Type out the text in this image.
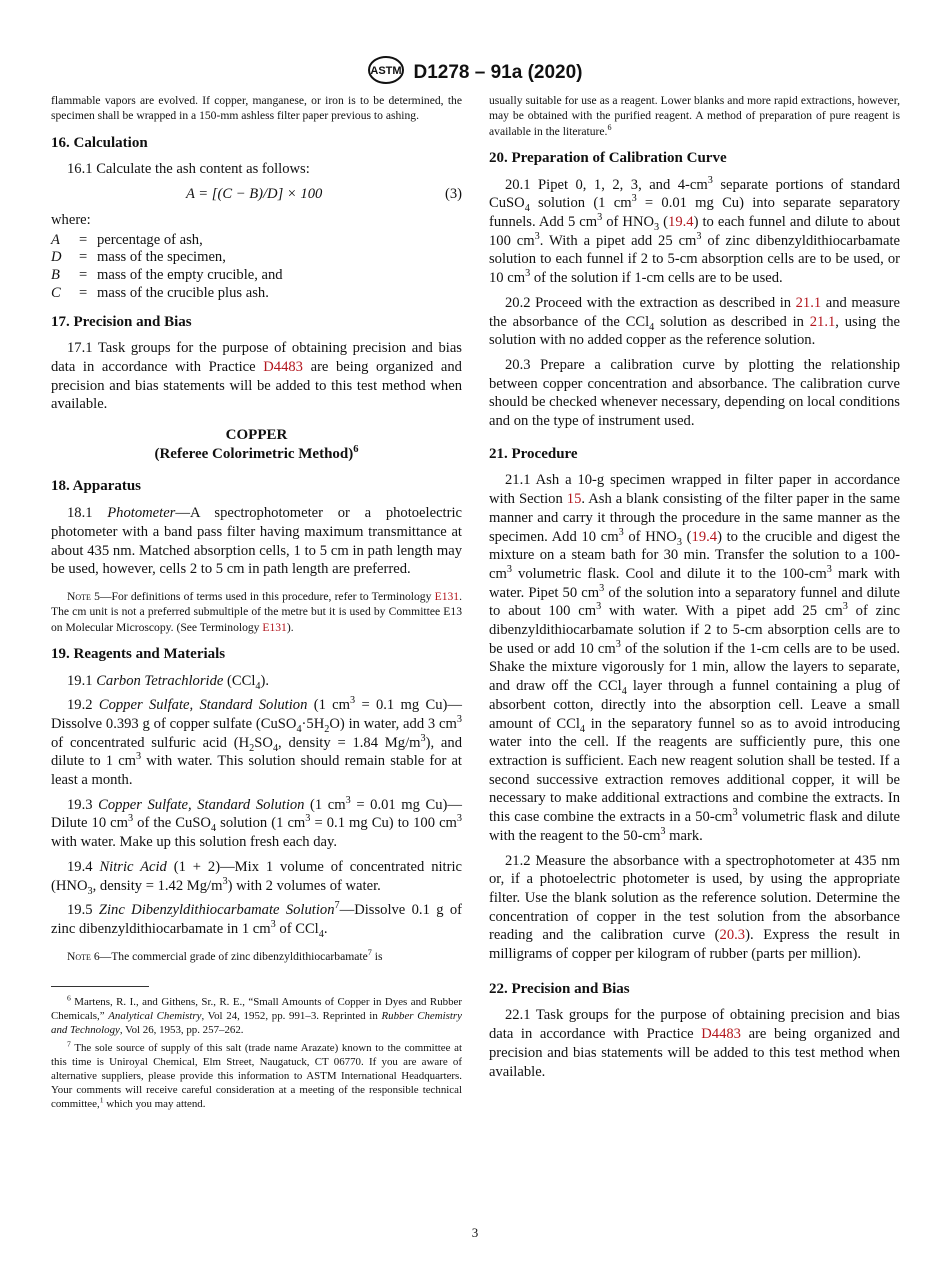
ASTM D1278 – 91a (2020)

flammable vapors are evolved. If copper, manganese, or iron is to be determined, the specimen shall be wrapped in a 150-mm ashless filter paper previous to ashing.

16. Calculation

16.1 Calculate the ash content as follows:

A = [(C − B)/D] × 100	(3)
where:
A	=	percentage of ash,
D	=	mass of the specimen,
B	=	mass of the empty crucible, and
C	=	mass of the crucible plus ash.
17. Precision and Bias

17.1 Task groups for the purpose of obtaining precision and bias data in accordance with Practice D4483 are being organized and precision and bias statements will be added to this test method when available.

COPPER

(Referee Colorimetric Method)$^6$

18. Apparatus

18.1 Photometer—A spectrophotometer or a photoelectric photometer with a band pass filter having maximum transmittance at about 435 nm. Matched absorption cells, 1 to 5 cm in path length may be used, however, cells 2 to 5 cm in path length are preferred.

Note 5—For definitions of terms used in this procedure, refer to Terminology E131. The cm unit is not a preferred submultiple of the metre but it is used by Committee E13 on Molecular Microscopy. (See Terminology E131).

19. Reagents and Materials

19.1 Carbon Tetrachloride (CCl$_4$).

19.2 Copper Sulfate, Standard Solution (1 $cm^3 = 0.1$ mg Cu)—Dissolve 0.393 g of copper sulfate $(CuSO_4\cdot 5H_2O)$ in water, add 3 $cm^3$ of concentrated sulfuric acid ($H_2SO_4$, density = 1.84 $Mg/m^3$), and dilute to 1 $cm^3$ with water. This solution should remain stable for at least a month.

19.3 Copper Sulfate, Standard Solution (1 $cm^3 = 0.01$ mg Cu)—Dilute 10 $cm^3$ of the CuSO$_4$ solution (1 $cm^3 = 0.1$ mg Cu) to 100 $cm^3$ with water. Make up this solution fresh each day.

19.4 Nitric Acid (1 + 2)—Mix 1 volume of concentrated nitric ($HNO_3$, density = 1.42 $Mg/m^3$) with 2 volumes of water.

19.5 Zinc Dibenzyldithiocarbamate Solution$^7$—Dissolve 0.1 g of zinc dibenzyldithiocarbamate in 1 $cm^3$ of CCl$_4$.

Note 6—The commercial grade of zinc dibenzyldithiocarbamate$^7$ is

$^6$ Martens, R. I., and Githens, Sr., R. E., “Small Amounts of Copper in Dyes and Rubber Chemicals,” Analytical Chemistry, Vol 24, 1952, pp. 991–3. Reprinted in Rubber Chemistry and Technology, Vol 26, 1953, pp. 257–262.

$^7$ The sole source of supply of this salt (trade name Arazate) known to the committee at this time is Uniroyal Chemical, Elm Street, Naugatuck, CT 06770. If you are aware of alternative suppliers, please provide this information to ASTM International Headquarters. Your comments will receive careful consideration at a meeting of the responsible technical committee,$^1$ which you may attend.

usually suitable for use as a reagent. Lower blanks and more rapid extractions, however, may be obtained with the purified reagent. A method of preparation of pure reagent is available in the literature.$^6$

20. Preparation of Calibration Curve

20.1 Pipet 0, 1, 2, 3, and $4-cm^3$ separate portions of standard CuSO$_4$ solution (1 $cm^3 = 0.01$ mg Cu) into separate separatory funnels. Add 5 $cm^3$ of $HNO_3$ (19.4) to each funnel and dilute to about 100 $cm^3$. With a pipet add 25 $cm^3$ of zinc dibenzyldithiocarbamate solution to each funnel if 2 to 5-cm absorption cells are to be used, or 10 $cm^3$ of the solution if 1-cm cells are to be used.

20.2 Proceed with the extraction as described in 21.1 and measure the absorbance of the CCl$_4$ solution as described in 21.1, using the solution with no added copper as the reference solution.

20.3 Prepare a calibration curve by plotting the relationship between copper concentration and absorbance. The calibration curve should be checked whenever necessary, depending on local conditions and on the type of instrument used.

21. Procedure

21.1 Ash a 10-g specimen wrapped in filter paper in accordance with Section 15. Ash a blank consisting of the filter paper in the same manner and carry it through the procedure in the same manner as the specimen. Add 10 $cm^3$ of $HNO_3$ (19.4) to the crucible and digest the mixture on a steam bath for 30 min. Transfer the solution to a $100-cm^3$ volumetric flask. Cool and dilute it to the $100-cm^3$ mark with water. Pipet 50 $cm^3$ of the solution into a separatory funnel and dilute to about 100 $cm^3$ with water. With a pipet add 25 $cm^3$ of zinc dibenzyldithiocarbamate solution if 2 to 5-cm absorption cells are to be used or add 10 $cm^3$ of the solution if the 1-cm cells are to be used. Shake the mixture vigorously for 1 min, allow the layers to separate, and draw off the CCl$_4$ layer through a funnel containing a plug of absorbent cotton, directly into the absorption cell. Leave a small amount of CCl$_4$ in the separatory funnel so as to avoid introducing water into the cell. If the reagents are sufficiently pure, this one extraction is sufficient. Each new reagent solution shall be tested. If a second successive extraction removes additional copper, it will be necessary to make additional extractions and combine the extracts. In this case combine the extracts in a $50-cm^3$ volumetric flask and dilute with the reagent to the $50-cm^3$ mark.

21.2 Measure the absorbance with a spectrophotometer at 435 nm or, if a photoelectric photometer is used, by using the appropriate filter. Use the blank solution as the reference solution. Determine the concentration of copper in the test solution from the absorbance reading and the calibration curve (20.3). Express the result in milligrams of copper per kilogram of rubber (parts per million).

22. Precision and Bias

22.1 Task groups for the purpose of obtaining precision and bias data in accordance with Practice D4483 are being organized and precision and bias statements will be added to this test method when available.

3
